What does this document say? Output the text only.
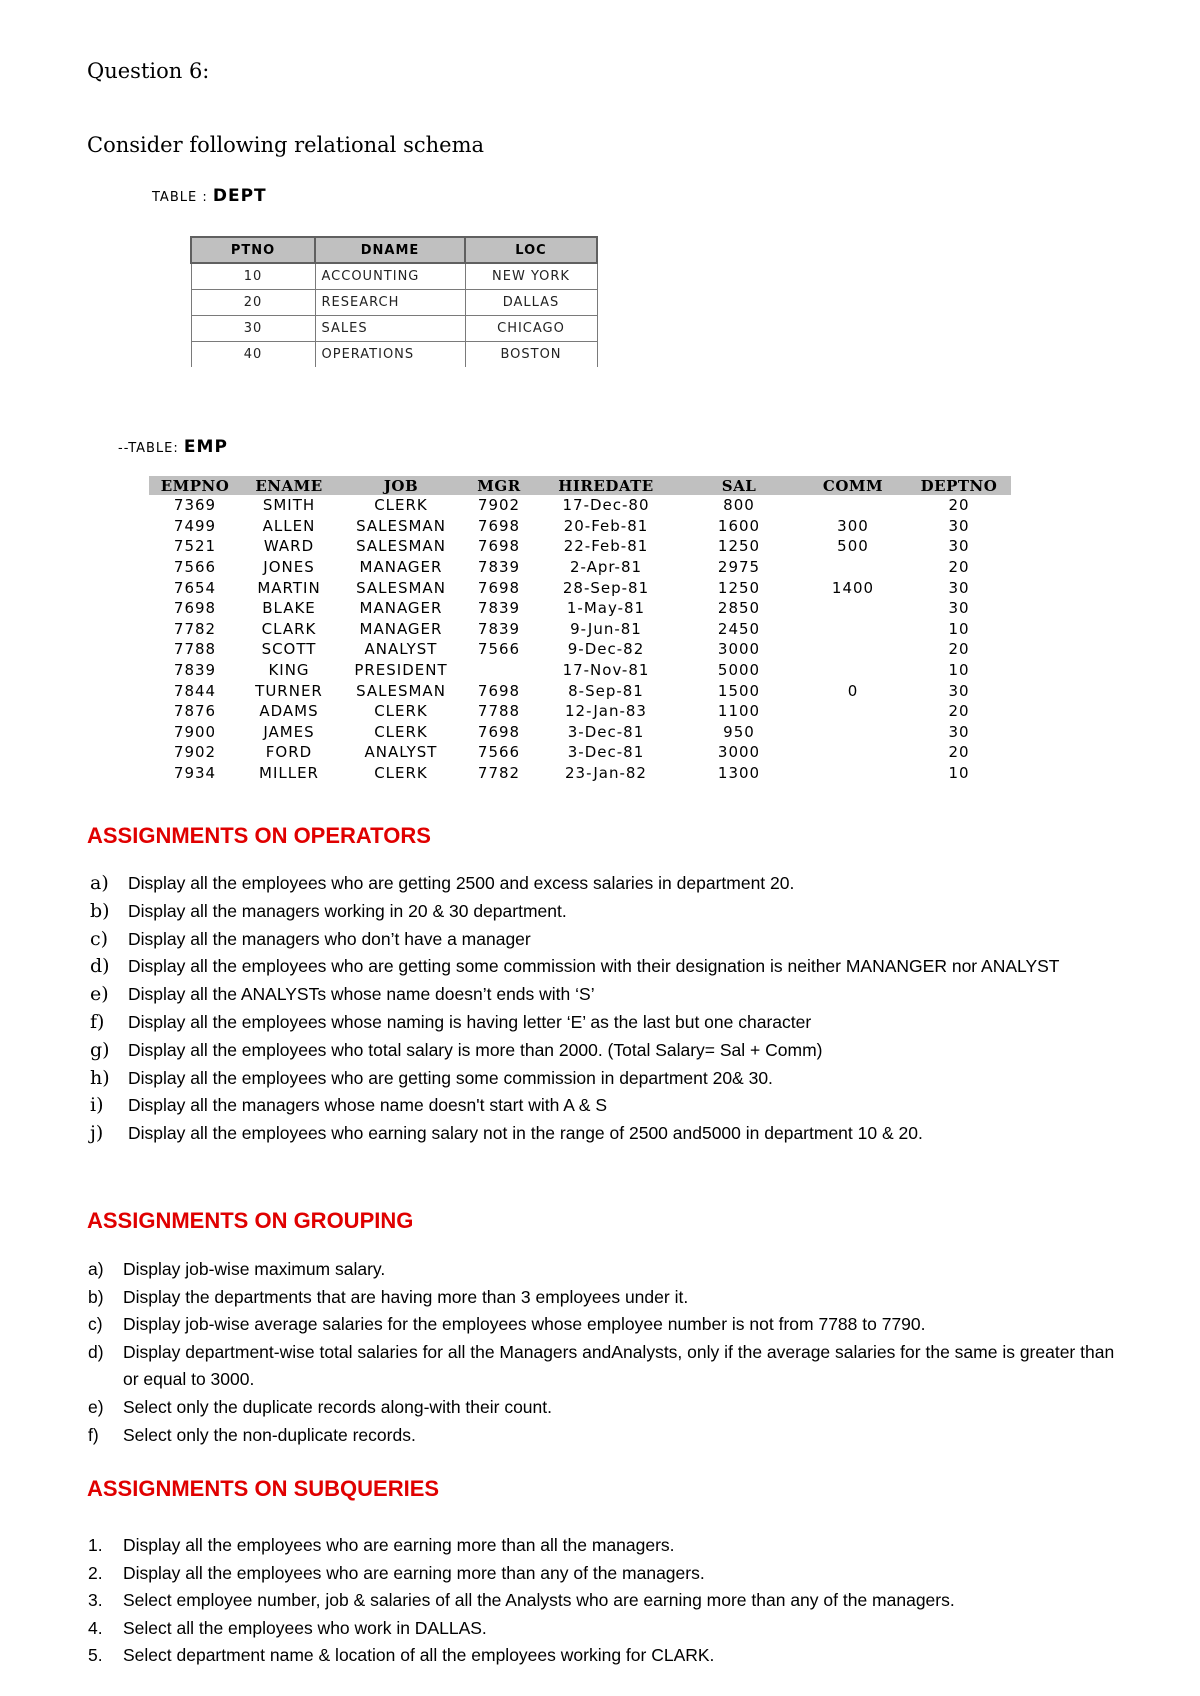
Question 6:
Consider following relational schema
TABLE : DEPT
PTNO	DNAME	LOC
10	ACCOUNTING	NEW YORK
20	RESEARCH	DALLAS
30	SALES	CHICAGO
40	OPERATIONS	BOSTON
--TABLE: EMP
EMPNO	ENAME	JOB	MGR	HIREDATE	SAL	COMM	DEPTNO
7369	SMITH	CLERK	7902	17-Dec-80	800		20
7499	ALLEN	SALESMAN	7698	20-Feb-81	1600	300	30
7521	WARD	SALESMAN	7698	22-Feb-81	1250	500	30
7566	JONES	MANAGER	7839	2-Apr-81	2975		20
7654	MARTIN	SALESMAN	7698	28-Sep-81	1250	1400	30
7698	BLAKE	MANAGER	7839	1-May-81	2850		30
7782	CLARK	MANAGER	7839	9-Jun-81	2450		10
7788	SCOTT	ANALYST	7566	9-Dec-82	3000		20
7839	KING	PRESIDENT		17-Nov-81	5000		10
7844	TURNER	SALESMAN	7698	8-Sep-81	1500	0	30
7876	ADAMS	CLERK	7788	12-Jan-83	1100		20
7900	JAMES	CLERK	7698	3-Dec-81	950		30
7902	FORD	ANALYST	7566	3-Dec-81	3000		20
7934	MILLER	CLERK	7782	23-Jan-82	1300		10
ASSIGNMENTS ON OPERATORS
a) Display all the employees who are getting 2500 and excess salaries in department 20.
b) Display all the managers working in 20 & 30 department.
c) Display all the managers who don’t have a manager
d) Display all the employees who are getting some commission with their designation is neither MANANGER nor ANALYST
e) Display all the ANALYSTs whose name doesn’t ends with ‘S’
f) Display all the employees whose naming is having letter ‘E’ as the last but one character
g) Display all the employees who total salary is more than 2000. (Total Salary= Sal + Comm)
h) Display all the employees who are getting some commission in department 20& 30.
i) Display all the managers whose name doesn't start with A & S
j) Display all the employees who earning salary not in the range of 2500 and5000 in department 10 & 20.
ASSIGNMENTS ON GROUPING
a) Display job-wise maximum salary.
b) Display the departments that are having more than 3 employees under it.
c) Display job-wise average salaries for the employees whose employee number is not from 7788 to 7790.
d) Display department-wise total salaries for all the Managers andAnalysts, only if the average salaries for the same is greater than or equal to 3000.
e) Select only the duplicate records along-with their count.
f) Select only the non-duplicate records.
ASSIGNMENTS ON SUBQUERIES
1. Display all the employees who are earning more than all the managers.
2. Display all the employees who are earning more than any of the managers.
3. Select employee number, job & salaries of all the Analysts who are earning more than any of the managers.
4. Select all the employees who work in DALLAS.
5. Select department name & location of all the employees working for CLARK.
